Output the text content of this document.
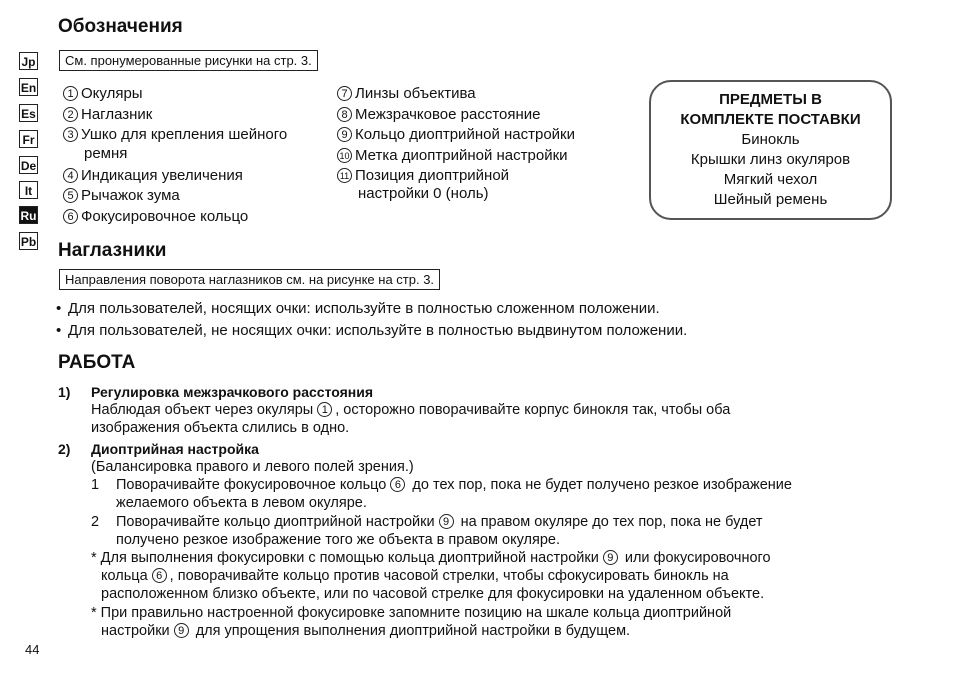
Jp
En
Es
Fr
De
It
Ru
Pb
Обозначения
См. пронумерованные рисунки на стр. 3.
1 Окуляры
2 Наглазник
3 Ушко для крепления шейного
ремня
4 Индикация увеличения
5 Рычажок зума
6 Фокусировочное кольцо
7 Линзы объектива
8 Межзрачковое расстояние
9 Кольцо диоптрийной настройки
10 Метка диоптрийной настройки
11 Позиция диоптрийной
настройки 0 (ноль)
ПРЕДМЕТЫ В
КОМПЛЕКТЕ ПОСТАВКИ
Бинокль
Крышки линз окуляров
Мягкий чехол
Шейный ремень
Наглазники
Направления поворота наглазников см. на рисунке на стр. 3.
• Для пользователей, носящих очки: используйте в полностью сложенном положении.
• Для пользователей, не носящих очки: используйте в полностью выдвинутом положении.
РАБОТА
1) Регулировка межзрачкового расстояния
Наблюдая объект через окуляры 1 , осторожно поворачивайте корпус бинокля так, чтобы оба
изображения объекта слились в одно.
2) Диоптрийная настройка
(Балансировка правого и левого полей зрения.)
1 Поворачивайте фокусировочное кольцо 6 до тех пор, пока не будет получено резкое изображение
желаемого объекта в левом окуляре.
2 Поворачивайте кольцо диоптрийной настройки 9 на правом окуляре до тех пор, пока не будет
получено резкое изображение того же объекта в правом окуляре.
* Для выполнения фокусировки с помощью кольца диоптрийной настройки 9 или фокусировочного
кольца 6 , поворачивайте кольцо против часовой стрелки, чтобы сфокусировать бинокль на
расположенном близко объекте, или по часовой стрелке для фокусировки на удаленном объекте.
* При правильно настроенной фокусировке запомните позицию на шкале кольца диоптрийной
настройки 9 для упрощения выполнения диоптрийной настройки в будущем.
44
